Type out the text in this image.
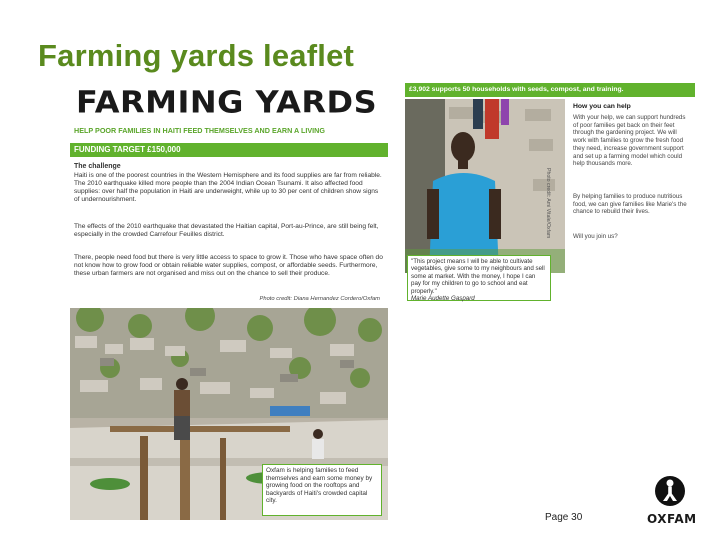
Farming yards leaflet
FARMING YARDS
HELP POOR FAMILIES IN HAITI FEED THEMSELVES AND EARN A LIVING
FUNDING TARGET £150,000
The challenge
Haiti is one of the poorest countries in the Western Hemisphere and its food supplies are far from reliable. The 2010 earthquake killed more people than the 2004 Indian Ocean Tsunami. It also affected food supplies: over half the population in Haiti are underweight, while up to 30 per cent of children show signs of undernourishment.
The effects of the 2010 earthquake that devastated the Haitian capital, Port-au-Prince, are still being felt, especially in the crowded Carrefour Feuilles district.
There, people need food but there is very little access to space to grow it. Those who have space often do not know how to grow food or obtain reliable water supplies, compost, or affordable seeds. Furthermore, these urban farmers are not organised and miss out on the chance to sell their produce.
Photo credit: Diana Hernandez Cordero/Oxfam
Oxfam is helping families to feed themselves and earn some money by growing food on the rooftops and backyards of Haiti's crowded capital city.
£3,902 supports 50 households with seeds, compost, and training.
Photo credit: Ami Vitale/Oxfam
How you can help
With your help, we can support hundreds of poor families get back on their feet through the gardening project. We will work with families to grow the fresh food they need, increase government support and set up a farming model which could help thousands more.
By helping families to produce nutritious food, we can give families like Marie's the chance to rebuild their lives.
Will you join us?
"This project means I will be able to cultivate vegetables, give some to my neighbours and sell some at market. With the money, I hope I can pay for my children to go to school and eat properly."
Marie Audette Gaspard
Page 30	OXFAM
